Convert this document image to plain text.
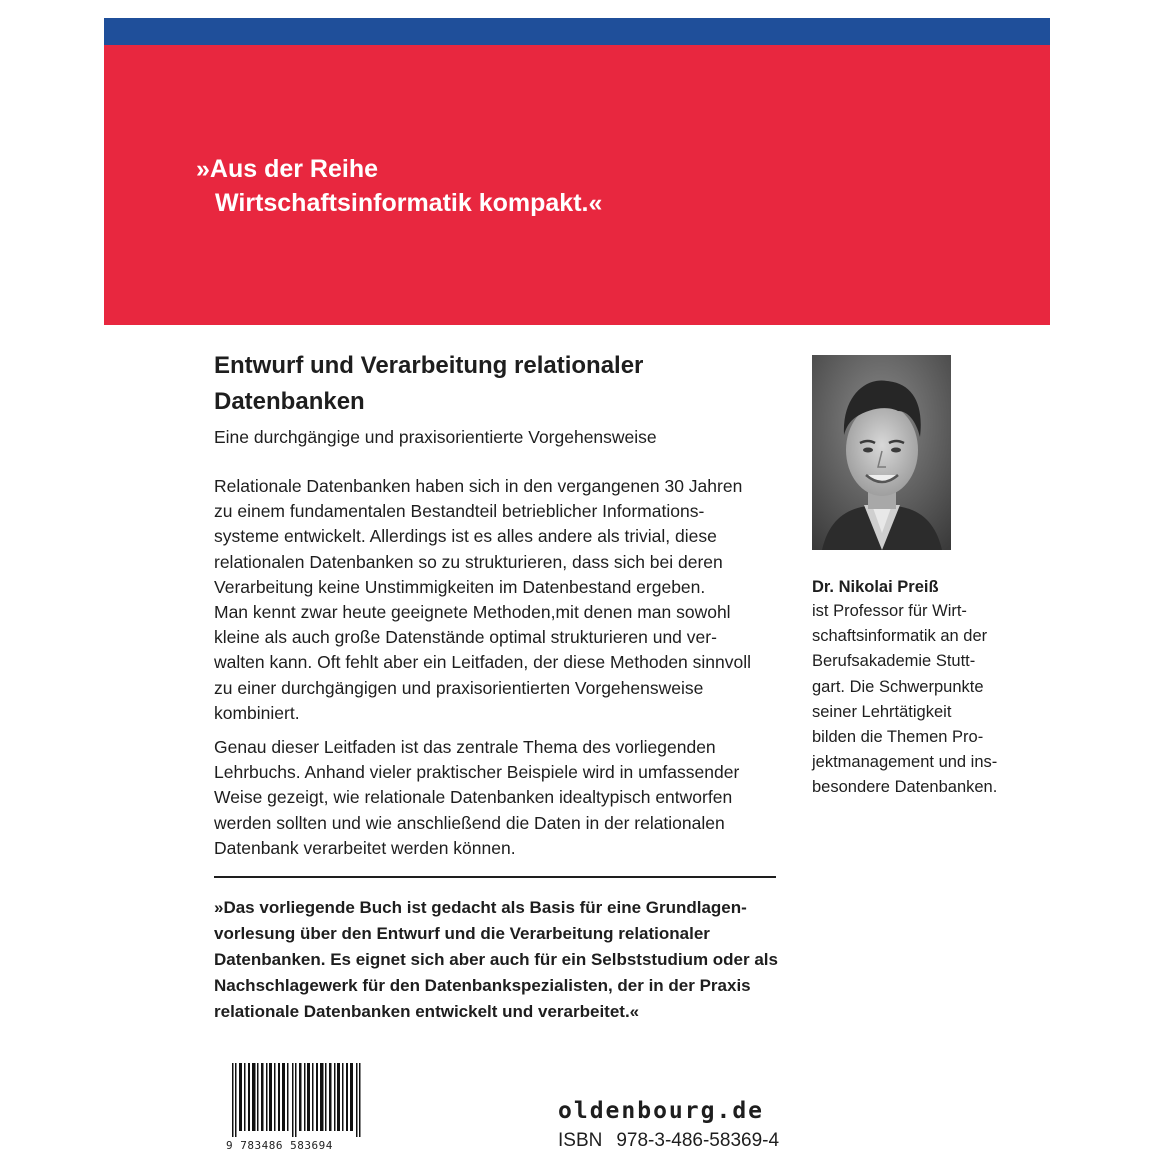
»Aus der Reihe
Wirtschaftsinformatik kompakt.«
Entwurf und Verarbeitung relationaler Datenbanken

Eine durchgängige und praxisorientierte Vorgehensweise

Relationale Datenbanken haben sich in den vergangenen 30 Jahren
zu einem fundamentalen Bestandteil betrieblicher Informations-
systeme entwickelt. Allerdings ist es alles andere als trivial, diese
relationalen Datenbanken so zu strukturieren, dass sich bei deren
Verarbeitung keine Unstimmigkeiten im Datenbestand ergeben.
Man kennt zwar heute geeignete Methoden,mit denen man sowohl
kleine als auch große Datenstände optimal strukturieren und ver-
walten kann. Oft fehlt aber ein Leitfaden, der diese Methoden sinnvoll
zu einer durchgängigen und praxisorientierten Vorgehensweise
kombiniert.

Genau dieser Leitfaden ist das zentrale Thema des vorliegenden
Lehrbuchs. Anhand vieler praktischer Beispiele wird in umfassender
Weise gezeigt, wie relationale Datenbanken idealtypisch entworfen
werden sollten und wie anschließend die Daten in der relationalen
Datenbank verarbeitet werden können.

»Das vorliegende Buch ist gedacht als Basis für eine Grundlagen-
vorlesung über den Entwurf und die Verarbeitung relationaler
Datenbanken. Es eignet sich aber auch für ein Selbststudium oder als
Nachschlagewerk für den Datenbankspezialisten, der in der Praxis
relationale Datenbanken entwickelt und verarbeitet.«

Dr. Nikolai Preiß

ist Professor für Wirt-
schaftsinformatik an der
Berufsakademie Stutt-
gart. Die Schwerpunkte
seiner Lehrtätigkeit
bilden die Themen Pro-
jektmanagement und ins-
besondere Datenbanken.

9 783486 583694

oldenbourg.de

ISBN 978-3-486-58369-4
